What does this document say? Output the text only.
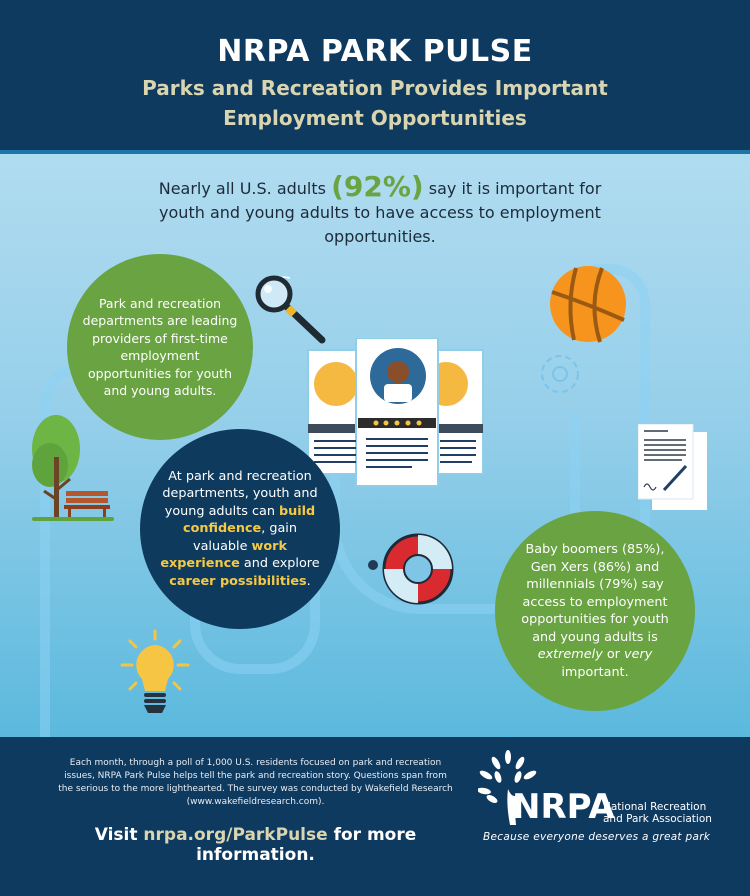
NRPA PARK PULSE
Parks and Recreation Provides Important
Employment Opportunities
Nearly all U.S. adults (92%) say it is important for youth and young adults to have access to employment opportunities.
Park and recreation departments are leading providers of first-time employment opportunities for youth and young adults.
At park and recreation departments, youth and young adults can build confidence, gain valuable work experience and explore career possibilities.
Baby boomers (85%), Gen Xers (86%) and millennials (79%) say access to employment opportunities for youth and young adults is extremely or very important.
Each month, through a poll of 1,000 U.S. residents focused on park and recreation issues, NRPA Park Pulse helps tell the park and recreation story. Questions span from the serious to the more lighthearted. The survey was conducted by Wakefield Research (www.wakefieldresearch.com).
Visit nrpa.org/ParkPulse for more information.
NRPA
National Recreation
and Park Association
Because everyone deserves a great park
